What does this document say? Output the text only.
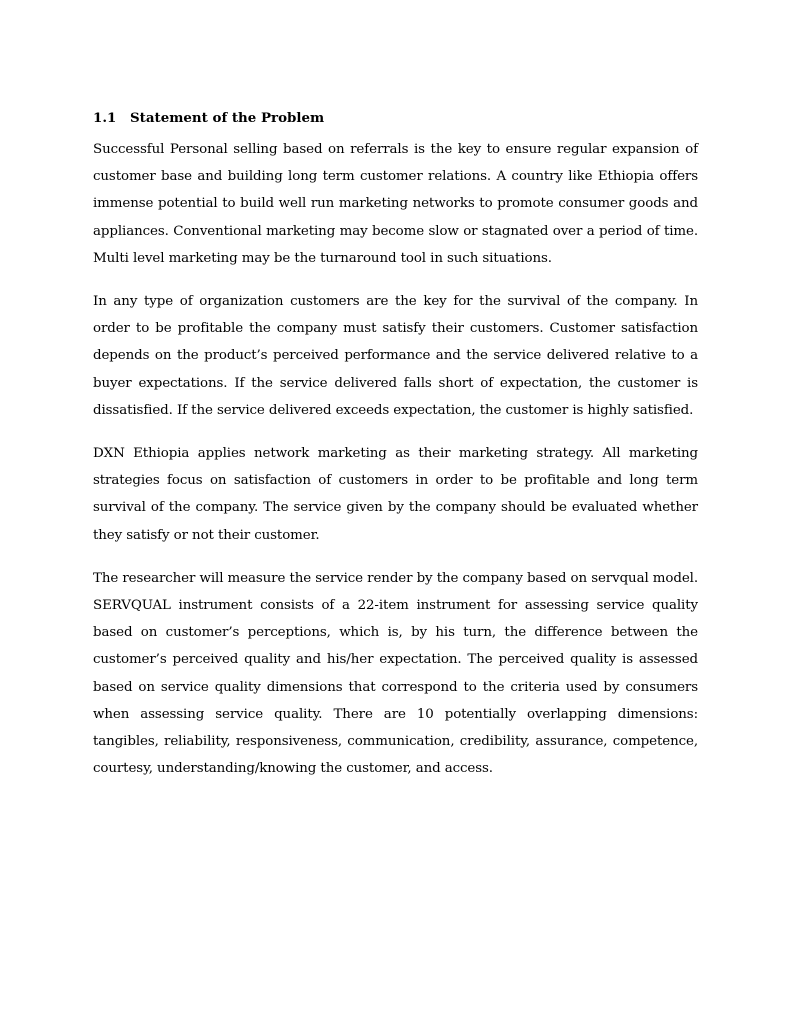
1.1 Statement of the Problem

Successful Personal selling based on referrals is the key to ensure regular expansion of customer base and building long term customer relations. A country like Ethiopia offers immense potential to build well run marketing networks to promote consumer goods and appliances. Conventional marketing may become slow or stagnated over a period of time. Multi level marketing may be the turnaround tool in such situations.

In any type of organization customers are the key for the survival of the company. In order to be profitable the company must satisfy their customers. Customer satisfaction depends on the product’s perceived performance and the service delivered relative to a buyer expectations. If the service delivered falls short of expectation, the customer is dissatisfied. If the service delivered exceeds expectation, the customer is highly satisfied.

DXN Ethiopia applies network marketing as their marketing strategy. All marketing strategies focus on satisfaction of customers in order to be profitable and long term survival of the company. The service given by the company should be evaluated whether they satisfy or not their customer.

The researcher will measure the service render by the company based on servqual model. SERVQUAL instrument consists of a 22-item instrument for assessing service quality based on customer’s perceptions, which is, by his turn, the difference between the customer’s perceived quality and his/her expectation. The perceived quality is assessed based on service quality dimensions that correspond to the criteria used by consumers when assessing service quality. There are 10 potentially overlapping dimensions: tangibles, reliability, responsiveness, communication, credibility, assurance, competence, courtesy, understanding/knowing the customer, and access.
